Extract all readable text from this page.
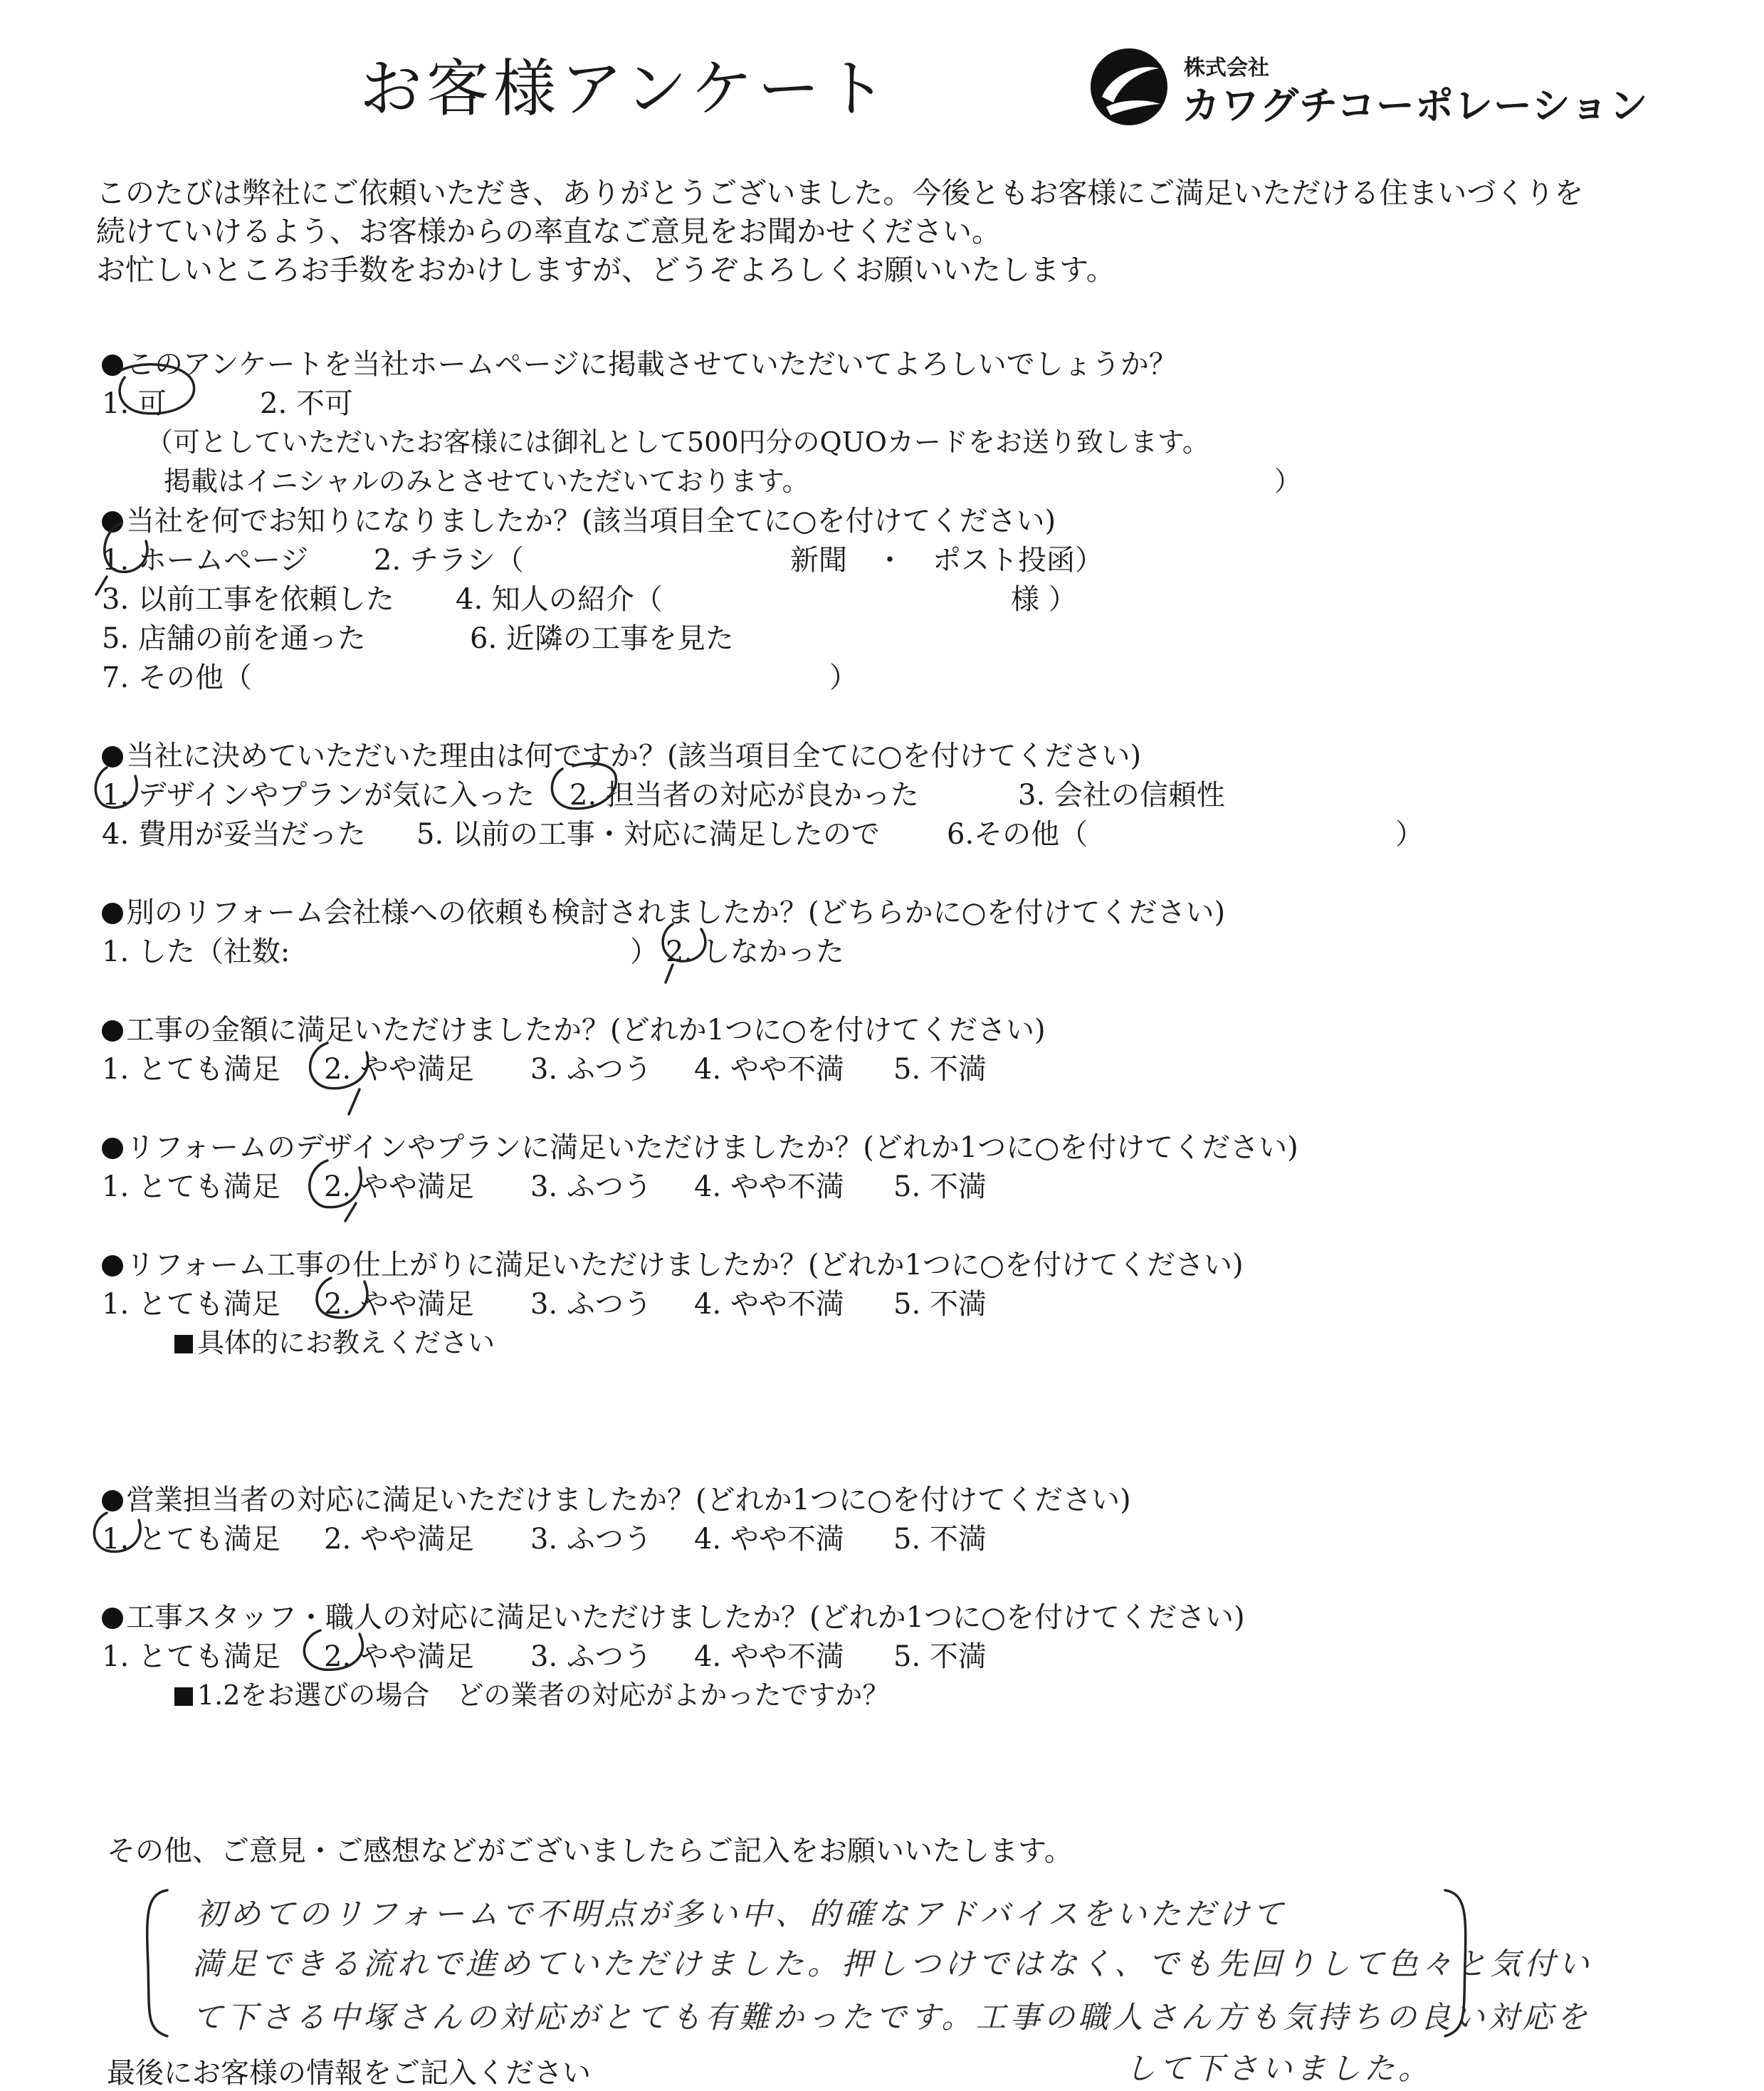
お客様アンケート	株式会社
カワグチコーポレーション
このたびは弊社にご依頼いただき、ありがとうございました。今後ともお客様にご満足いただける住まいづくりを
続けていけるよう、お客様からの率直なご意見をお聞かせください。
お忙しいところお手数をおかけしますが、どうぞよろしくお願いいたします。
このアンケートを当社ホームページに掲載させていただいてよろしいでしょうか？
1. 可	2. 不可
（可としていただいたお客様には御礼として500円分のQUOカードをお送り致します。
掲載はイニシャルのみとさせていただいております。	）
当社を何でお知りになりましたか？(該当項目全てに○を付けてください)
1. ホームページ 2. チラシ（	新聞　・　ポスト投函）
3. 以前工事を依頼した 4. 知人の紹介（	様 ）
5. 店舗の前を通った	6. 近隣の工事を見た
7. その他（	）
当社に決めていただいた理由は何ですか？(該当項目全てに○を付けてください)
1. デザインやプランが気に入った 2. 担当者の対応が良かった	3. 会社の信頼性
4. 費用が妥当だった 5. 以前の工事・対応に満足したので 6.その他（	）
別のリフォーム会社様への依頼も検討されましたか？(どちらかに○を付けてください)
1. した（社数:	） 2. しなかった
工事の金額に満足いただけましたか？(どれか1つに○を付けてください)
1. とても満足 2. やや満足 3. ふつう 4. やや不満 5. 不満
リフォームのデザインやプランに満足いただけましたか？(どれか1つに○を付けてください)
1. とても満足 2. やや満足 3. ふつう 4. やや不満 5. 不満
リフォーム工事の仕上がりに満足いただけましたか？(どれか1つに○を付けてください)
1. とても満足 2. やや満足 3. ふつう 4. やや不満 5. 不満
具体的にお教えください
営業担当者の対応に満足いただけましたか？(どれか1つに○を付けてください)
1. とても満足 2. やや満足 3. ふつう 4. やや不満 5. 不満
工事スタッフ・職人の対応に満足いただけましたか？(どれか1つに○を付けてください)
1. とても満足 2. やや満足 3. ふつう 4. やや不満 5. 不満
1.2をお選びの場合　どの業者の対応がよかったですか？
その他、ご意見・ご感想などがございましたらご記入をお願いいたします。
初めてのリフォームで不明点が多い中、的確なアドバイスをいただけて
満足できる流れで進めていただけました。押しつけではなく、でも先回りして色々と気付い
て下さる中塚さんの対応がとても有難かったです。工事の職人さん方も気持ちの良い対応を
して下さいました。
最後にお客様の情報をご記入ください
